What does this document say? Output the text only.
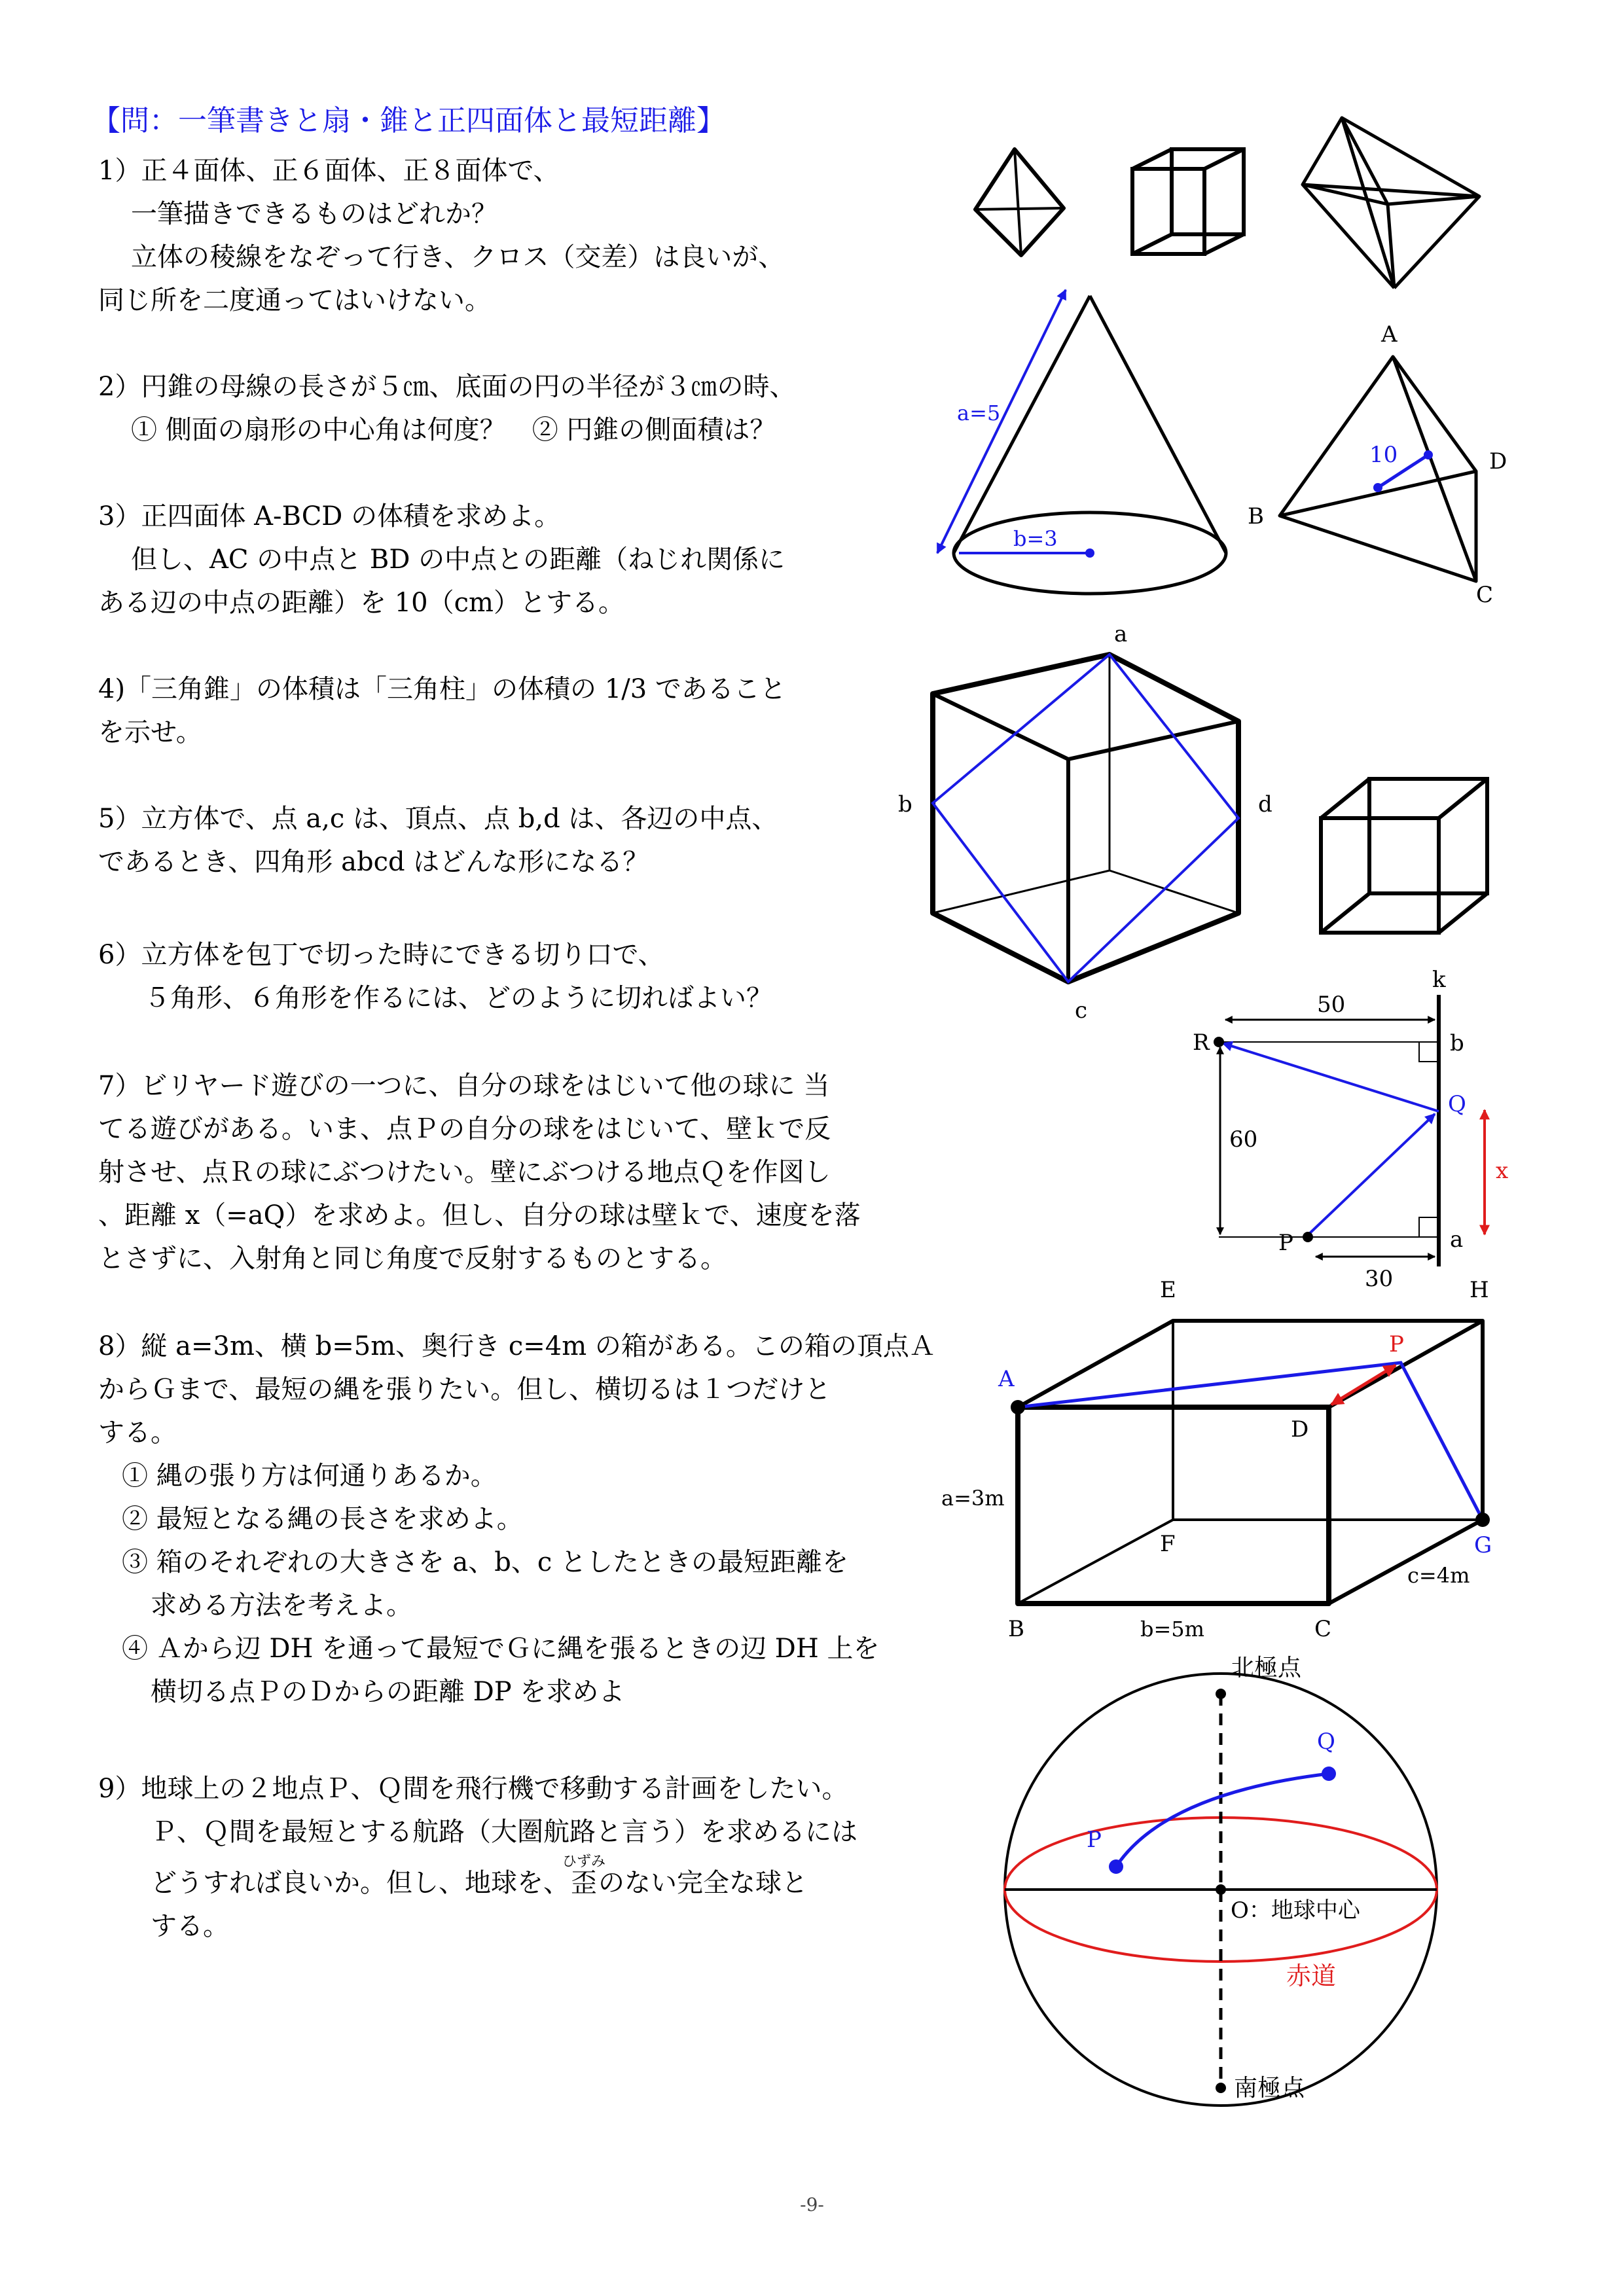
【問：一筆書きと扇・錐と正四面体と最短距離】

1）正４面体、正６面体、正８面体で、

一筆描きできるものはどれか？

立体の稜線をなぞって行き、クロス（交差）は良いが、

同じ所を二度通ってはいけない。

2）円錐の母線の長さが５㎝、底面の円の半径が３㎝の時、

① 側面の扇形の中心角は何度？　② 円錐の側面積は？

3）正四面体 A-BCD の体積を求めよ。

但し、AC の中点と BD の中点との距離（ねじれ関係に

ある辺の中点の距離）を 10（cm）とする。

4)「三角錐」の体積は「三角柱」の体積の 1/3 であること

を示せ。

5）立方体で、点 a,c は、頂点、点 b,d は、各辺の中点、

であるとき、四角形 abcd はどんな形になる？

6）立方体を包丁で切った時にできる切り口で、

５角形、６角形を作るには、どのように切ればよい？

7）ビリヤード遊びの一つに、自分の球をはじいて他の球に 当

てる遊びがある。いま、点Ｐの自分の球をはじいて、壁ｋで反

射させ、点Ｒの球にぶつけたい。壁にぶつける地点Ｑを作図し

、距離 x（=aQ）を求めよ。但し、自分の球は壁ｋで、速度を落

とさずに、入射角と同じ角度で反射するものとする。

8）縦 a=3m、横 b=5m、奥行き c=4m の箱がある。この箱の頂点Ａ

からＧまで、最短の縄を張りたい。但し、横切るは１つだけと

する。

① 縄の張り方は何通りあるか。

② 最短となる縄の長さを求めよ。

③ 箱のそれぞれの大きさを a、b、c としたときの最短距離を

求める方法を考えよ。

④ Ａから辺 DH を通って最短でＧに縄を張るときの辺 DH 上を

横切る点ＰのＤからの距離 DP を求めよ

9）地球上の２地点Ｐ、Ｑ間を飛行機で移動する計画をしたい。

Ｐ、Ｑ間を最短とする航路（大圏航路と言う）を求めるには

どうすれば良いか。但し、地球を、歪ひずみのない完全な球と

する。

a=5
b=3
A
B
C
D
10
a
b
c
d
k
50
30
60
R
P
Q
a
b
x
A
B	C
D
E
F	G
H
P
a=3m
b=5m
c=4m
北極点
南極点
O：地球中心
赤道
P
Q
-9-
